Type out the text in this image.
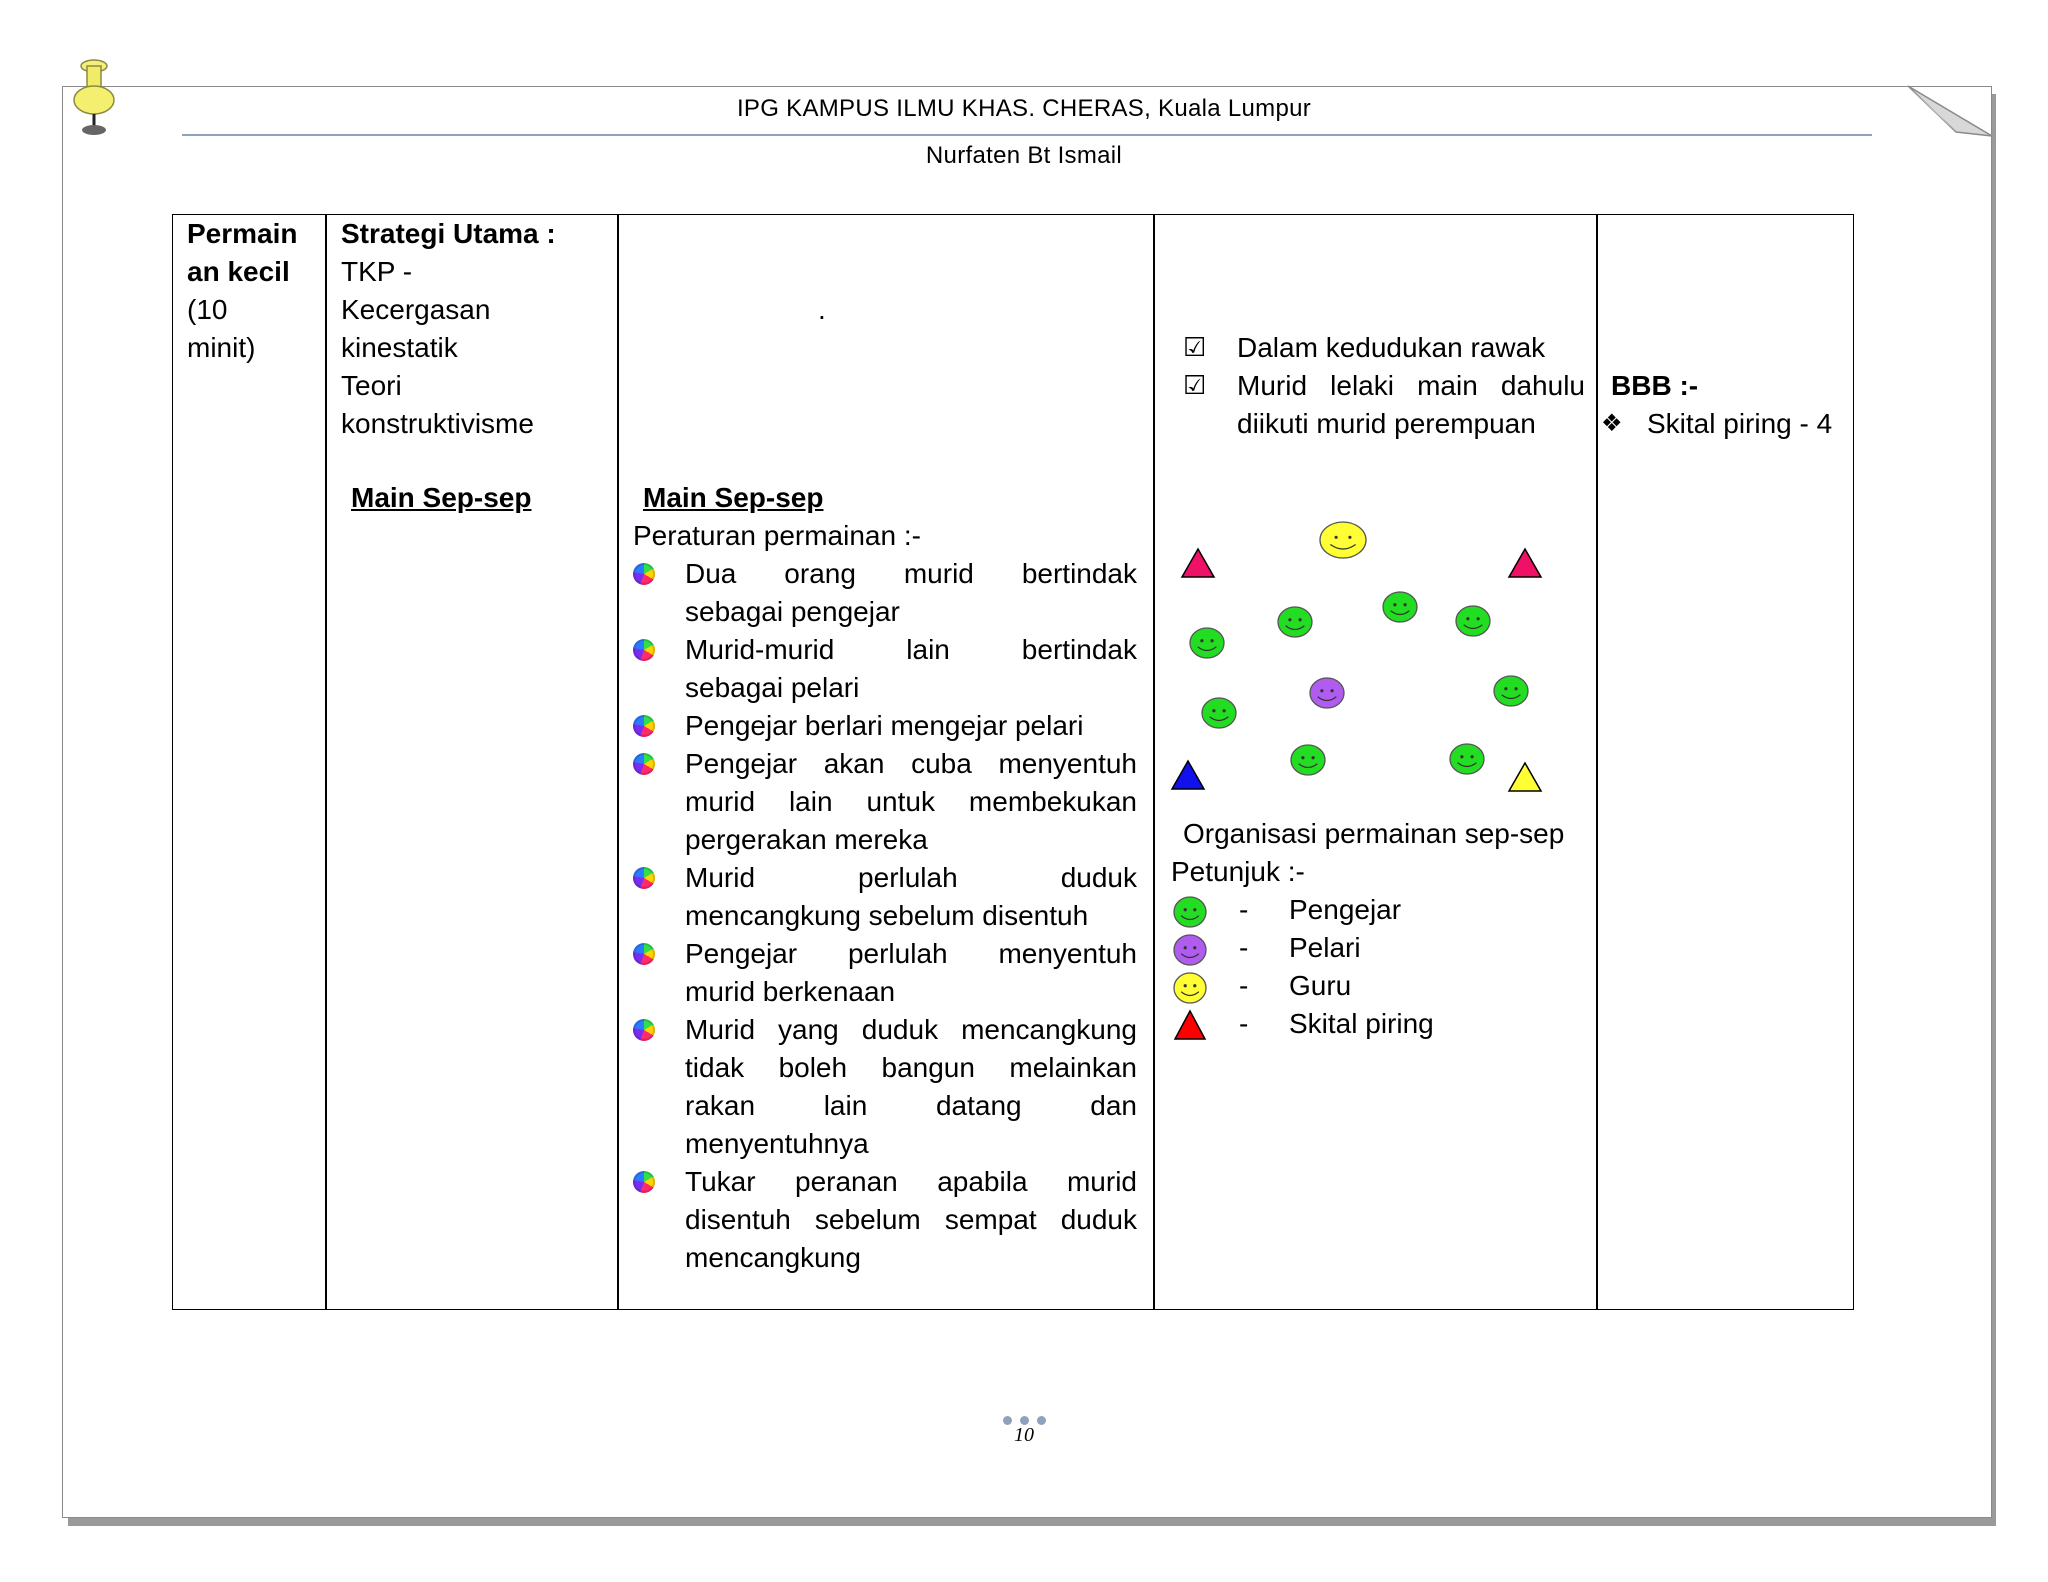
IPG KAMPUS ILMU KHAS. CHERAS, Kuala Lumpur
Nurfaten Bt Ismail
Permain
an kecil
(10
minit)
Strategi Utama :
TKP -
Kecergasan
kinestatik
Teori
konstruktivisme
Main Sep-sep
.
Main Sep-sep
Peraturan permainan :-
Dua orang murid bertindak
sebagai pengejar
Murid-murid lain bertindak
sebagai pelari
Pengejar berlari mengejar pelari
Pengejar akan cuba menyentuh
murid lain untuk membekukan
pergerakan mereka
Murid perlulah duduk
mencangkung sebelum disentuh
Pengejar perlulah menyentuh
murid berkenaan
Murid yang duduk mencangkung
tidak boleh bangun melainkan
rakan lain datang dan
menyentuhnya
Tukar peranan apabila murid
disentuh sebelum sempat duduk
mencangkung
☑ Dalam kedudukan rawak
☑ Murid lelaki main dahulu
diikuti murid perempuan
Organisasi permainan sep-sep
Petunjuk :-
- Pengejar
- Pelari
- Guru
- Skital piring
BBB :-
❖ Skital piring - 4
10
